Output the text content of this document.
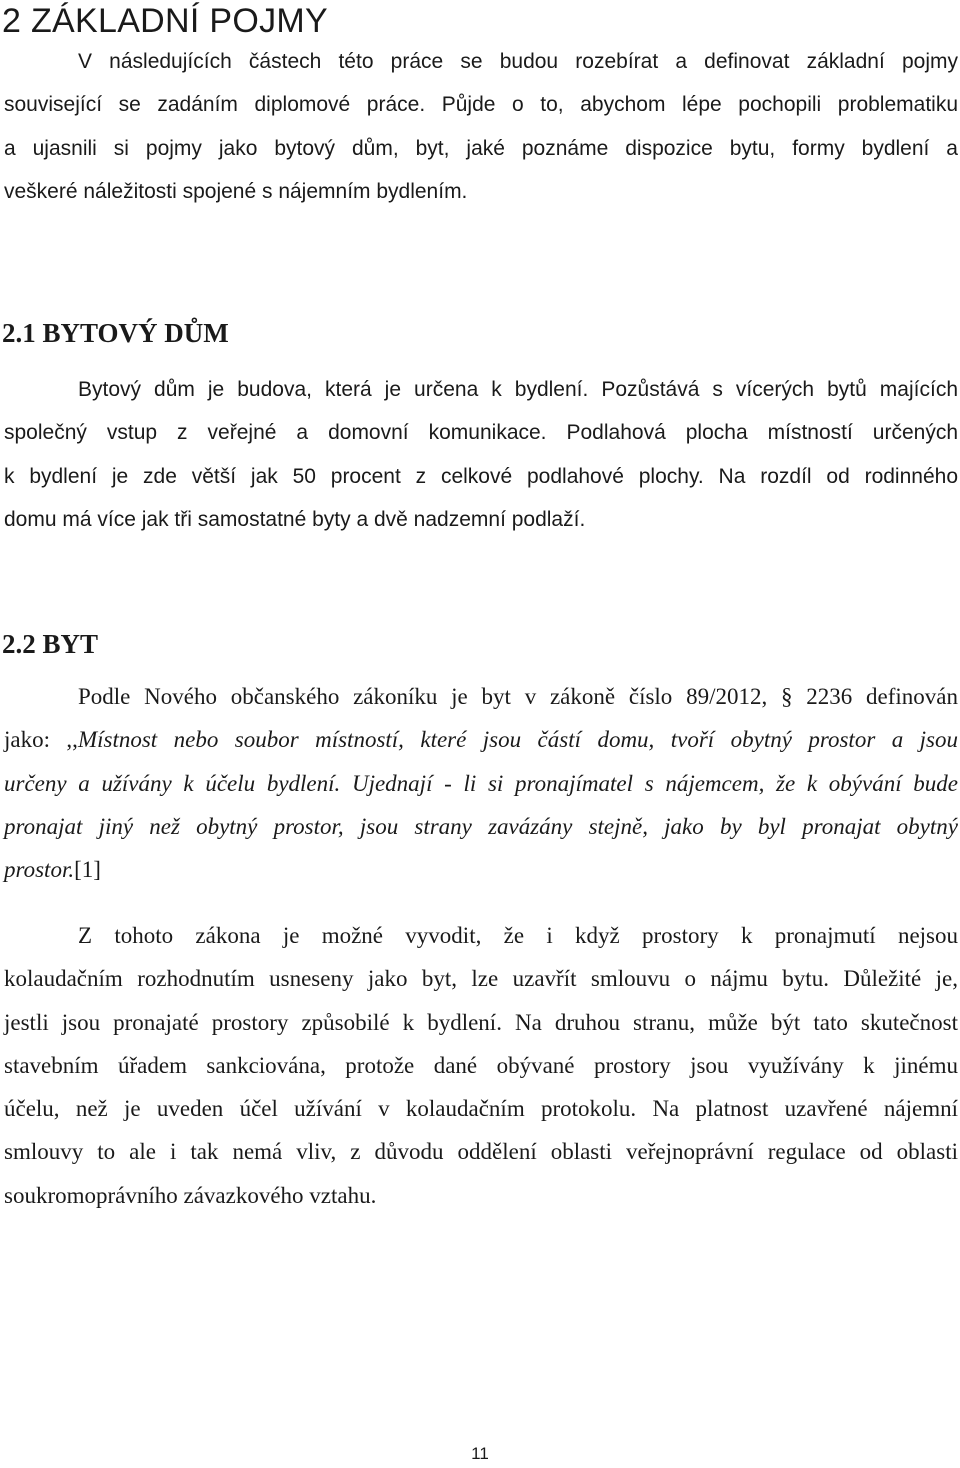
2 ZÁKLADNÍ POJMY
V následujících částech této práce se budou rozebírat a definovat základní pojmy
související se zadáním diplomové práce. Půjde o to, abychom lépe pochopili problematiku
a ujasnili si pojmy jako bytový dům, byt, jaké poznáme dispozice bytu, formy bydlení a
veškeré náležitosti spojené s nájemním bydlením.
2.1 BYTOVÝ DŮM
Bytový dům je budova, která je určena k bydlení. Pozůstává s vícerých bytů majících
společný vstup z veřejné a domovní komunikace. Podlahová plocha místností určených
k bydlení je zde větší jak 50 procent z celkové podlahové plochy. Na rozdíl od rodinného
domu má více jak tři samostatné byty a dvě nadzemní podlaží.
2.2 BYT
Podle Nového občanského zákoníku je byt v zákoně číslo 89/2012, § 2236 definován
jako: ,,Místnost nebo soubor místností, které jsou částí domu, tvoří obytný prostor a jsou
určeny a užívány k účelu bydlení. Ujednají - li si pronajímatel s nájemcem, že k obývání bude
pronajat jiný než obytný prostor, jsou strany zavázány stejně, jako by byl pronajat obytný
prostor.[1]
Z tohoto zákona je možné vyvodit, že i když prostory k pronajmutí nejsou
kolaudačním rozhodnutím usneseny jako byt, lze uzavřít smlouvu o nájmu bytu. Důležité je,
jestli jsou pronajaté prostory způsobilé k bydlení. Na druhou stranu, může být tato skutečnost
stavebním úřadem sankciována, protože dané obývané prostory jsou využívány k jinému
účelu, než je uveden účel užívání v kolaudačním protokolu. Na platnost uzavřené nájemní
smlouvy to ale i tak nemá vliv, z důvodu oddělení oblasti veřejnoprávní regulace od oblasti
soukromoprávního závazkového vztahu.
11
